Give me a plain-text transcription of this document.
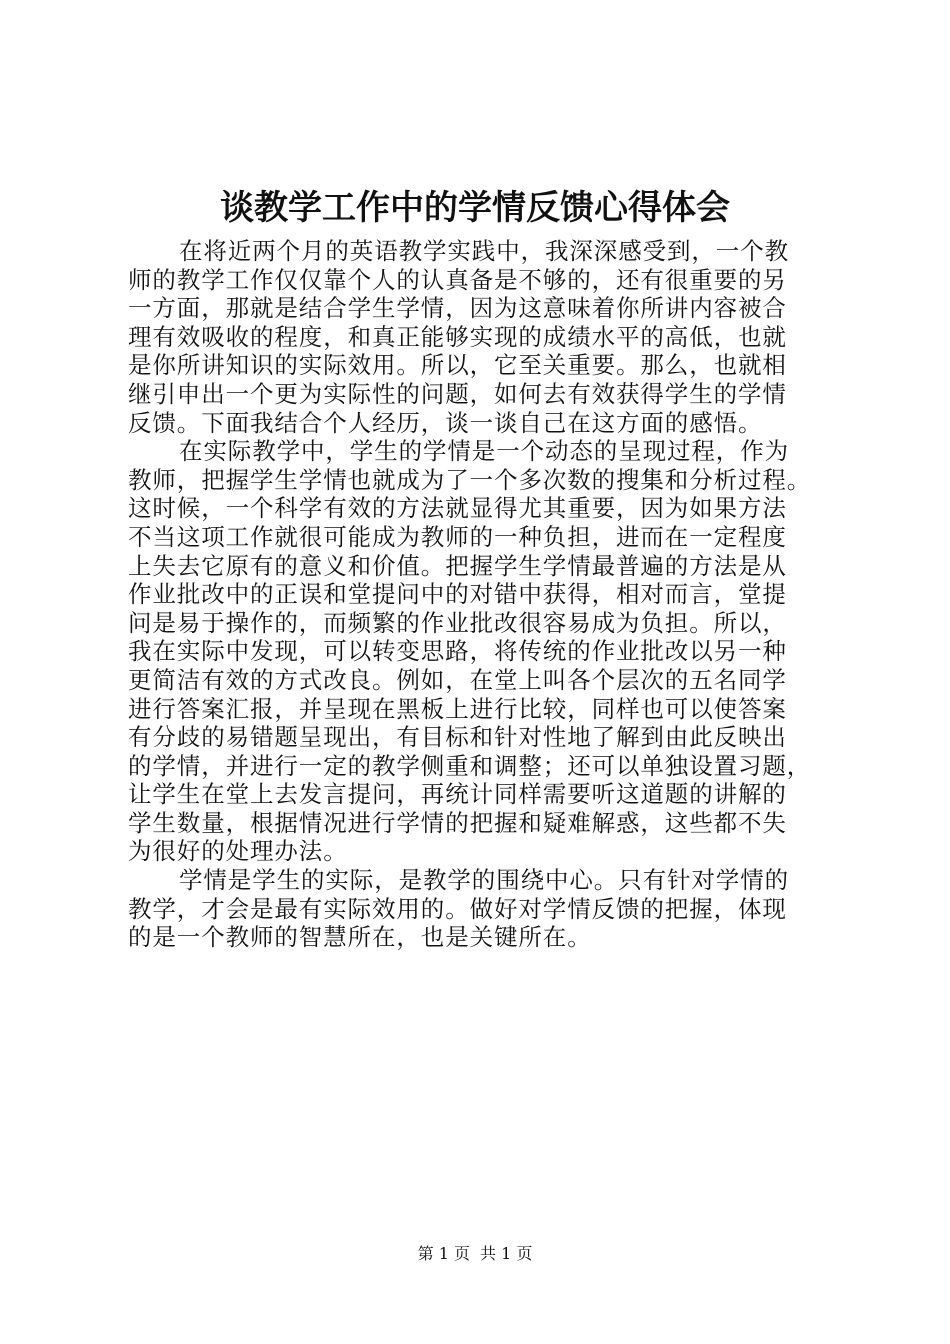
谈教学工作中的学情反馈心得体会
在将近两个月的英语教学实践中，我深深感受到，一个教
师的教学工作仅仅靠个人的认真备是不够的，还有很重要的另
一方面，那就是结合学生学情，因为这意味着你所讲内容被合
理有效吸收的程度，和真正能够实现的成绩水平的高低，也就
是你所讲知识的实际效用。所以，它至关重要。那么，也就相
继引申出一个更为实际性的问题，如何去有效获得学生的学情
反馈。下面我结合个人经历，谈一谈自己在这方面的感悟。
在实际教学中，学生的学情是一个动态的呈现过程，作为
教师，把握学生学情也就成为了一个多次数的搜集和分析过程。
这时候，一个科学有效的方法就显得尤其重要，因为如果方法
不当这项工作就很可能成为教师的一种负担，进而在一定程度
上失去它原有的意义和价值。把握学生学情最普遍的方法是从
作业批改中的正误和堂提问中的对错中获得，相对而言，堂提
问是易于操作的，而频繁的作业批改很容易成为负担。所以，
我在实际中发现，可以转变思路，将传统的作业批改以另一种
更简洁有效的方式改良。例如，在堂上叫各个层次的五名同学
进行答案汇报，并呈现在黑板上进行比较，同样也可以使答案
有分歧的易错题呈现出，有目标和针对性地了解到由此反映出
的学情，并进行一定的教学侧重和调整；还可以单独设置习题，
让学生在堂上去发言提问，再统计同样需要听这道题的讲解的
学生数量，根据情况进行学情的把握和疑难解惑，这些都不失
为很好的处理办法。
学情是学生的实际，是教学的围绕中心。只有针对学情的
教学，才会是最有实际效用的。做好对学情反馈的把握，体现
的是一个教师的智慧所在，也是关键所在。
第 1 页 共 1 页
